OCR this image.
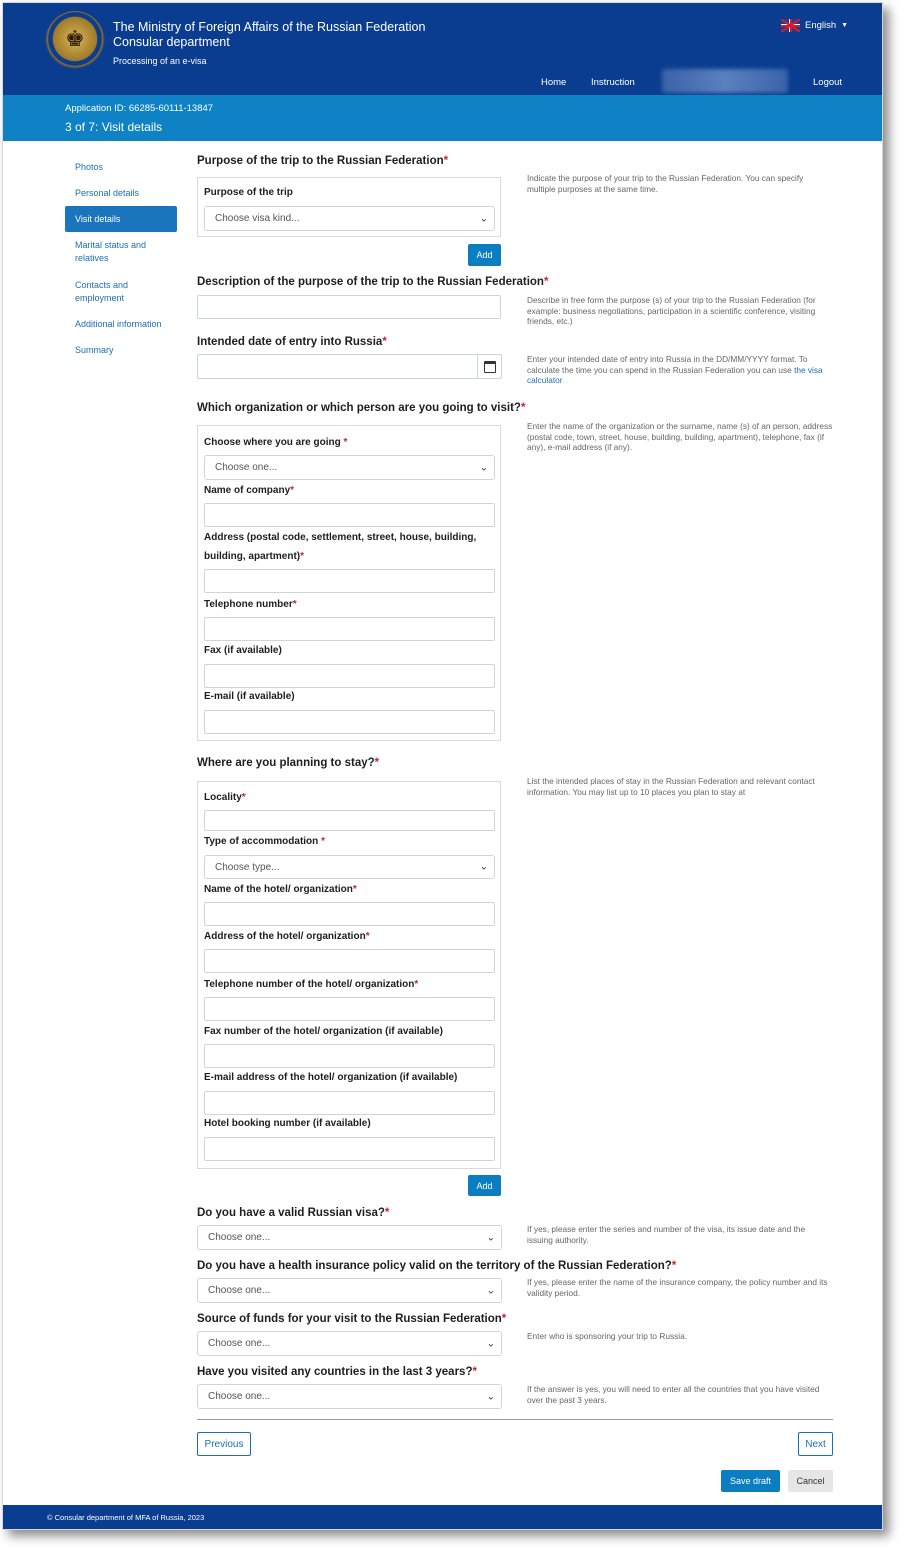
♚	The Ministry of Foreign Affairs of the Russian Federation
Consular department
Processing of an e-visa
English ▼
Home	Instruction	Logout
Application ID: 66285-60111-13847
3 of 7: Visit details
Photos
Personal details
Visit details
Marital status and relatives
Contacts and employment
Additional information
Summary
Purpose of the trip to the Russian Federation*
Indicate the purpose of your trip to the Russian Federation. You can specify multiple purposes at the same time.
Purpose of the trip
Choose visa kind...	⌄
Add
Description of the purpose of the trip to the Russian Federation*
Describe in free form the purpose (s) of your trip to the Russian Federation (for example: business negotiations, participation in a scientific conference, visiting friends, etc.)
Intended date of entry into Russia*
Enter your intended date of entry into Russia in the DD/MM/YYYY format. To calculate the time you can spend in the Russian Federation you can use the visa calculator
Which organization or which person are you going to visit?*
Enter the name of the organization or the surname, name (s) of an person, address (postal code, town, street, house, building, building, apartment), telephone, fax (if any), e-mail address (if any).
Choose where you are going *
Choose one...	⌄
Name of company*
Address (postal code, settlement, street, house, building, building, apartment)*
Telephone number*
Fax (if available)
E-mail (if available)
Where are you planning to stay?*
List the intended places of stay in the Russian Federation and relevant contact information. You may list up to 10 places you plan to stay at
Locality*
Type of accommodation *
Choose type...	⌄
Name of the hotel/ organization*
Address of the hotel/ organization*
Telephone number of the hotel/ organization*
Fax number of the hotel/ organization (if available)
E-mail address of the hotel/ organization (if available)
Hotel booking number (if available)
Add
Do you have a valid Russian visa?*
Choose one...	⌄
If yes, please enter the series and number of the visa, its issue date and the issuing authority.
Do you have a health insurance policy valid on the territory of the Russian Federation?*
Choose one...	⌄
If yes, please enter the name of the insurance company, the policy number and its validity period.
Source of funds for your visit to the Russian Federation*
Choose one...	⌄
Enter who is sponsoring your trip to Russia.
Have you visited any countries in the last 3 years?*
Choose one...	⌄
If the answer is yes, you will need to enter all the countries that you have visited over the past 3 years.
Previous	Next
Save draft	Cancel
© Consular department of MFA of Russia, 2023
